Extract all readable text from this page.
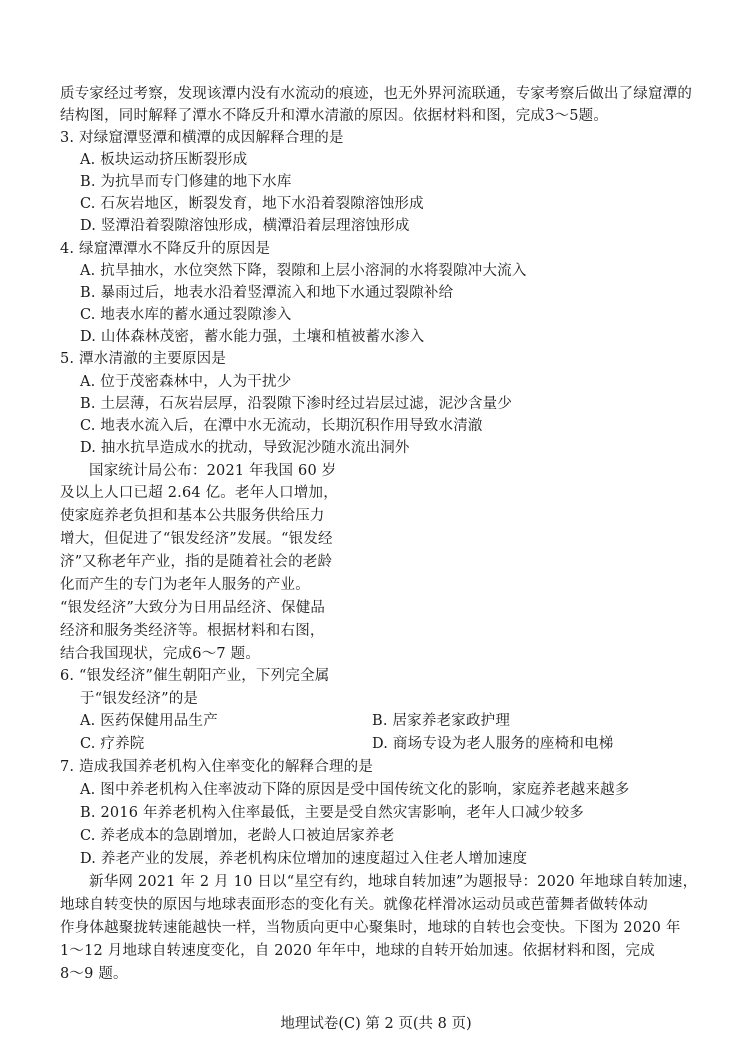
质专家经过考察，发现该潭内没有水流动的痕迹，也无外界河流联通，专家考察后做出了绿窟潭的
结构图，同时解释了潭水不降反升和潭水清澈的原因。依据材料和图，完成3～5题。
3. 对绿窟潭竖潭和横潭的成因解释合理的是
A. 板块运动挤压断裂形成
B. 为抗旱而专门修建的地下水库
C. 石灰岩地区，断裂发育，地下水沿着裂隙溶蚀形成
D. 竖潭沿着裂隙溶蚀形成，横潭沿着层理溶蚀形成
4. 绿窟潭潭水不降反升的原因是
A. 抗旱抽水，水位突然下降，裂隙和上层小溶洞的水将裂隙冲大流入
B. 暴雨过后，地表水沿着竖潭流入和地下水通过裂隙补给
C. 地表水库的蓄水通过裂隙渗入
D. 山体森林茂密，蓄水能力强，土壤和植被蓄水渗入
5. 潭水清澈的主要原因是
A. 位于茂密森林中，人为干扰少
B. 土层薄，石灰岩层厚，沿裂隙下渗时经过岩层过滤，泥沙含量少
C. 地表水流入后，在潭中水无流动，长期沉积作用导致水清澈
D. 抽水抗旱造成水的扰动，导致泥沙随水流出洞外
国家统计局公布：2021 年我国 60 岁
及以上人口已超 2.64 亿。老年人口增加，
使家庭养老负担和基本公共服务供给压力
增大，但促进了“银发经济”发展。“银发经
济”又称老年产业，指的是随着社会的老龄
化而产生的专门为老年人服务的产业。
“银发经济”大致分为日用品经济、保健品
经济和服务类经济等。根据材料和右图，
结合我国现状，完成6～7 题。
6. “银发经济”催生朝阳产业，下列完全属
于“银发经济”的是
A. 医药保健用品生产	B. 居家养老家政护理
C. 疗养院	D. 商场专设为老人服务的座椅和电梯
7. 造成我国养老机构入住率变化的解释合理的是
A. 图中养老机构入住率波动下降的原因是受中国传统文化的影响，家庭养老越来越多
B. 2016 年养老机构入住率最低，主要是受自然灾害影响，老年人口减少较多
C. 养老成本的急剧增加，老龄人口被迫居家养老
D. 养老产业的发展，养老机构床位增加的速度超过入住老人增加速度
新华网 2021 年 2 月 10 日以“星空有约，地球自转加速”为题报导：2020 年地球自转加速，
地球自转变快的原因与地球表面形态的变化有关。就像花样滑冰运动员或芭蕾舞者做转体动
作身体越聚拢转速能越快一样，当物质向更中心聚集时，地球的自转也会变快。下图为 2020 年
1～12 月地球自转速度变化，自 2020 年年中，地球的自转开始加速。依据材料和图，完成
8～9 题。
地理试卷(C) 第 2 页(共 8 页)
